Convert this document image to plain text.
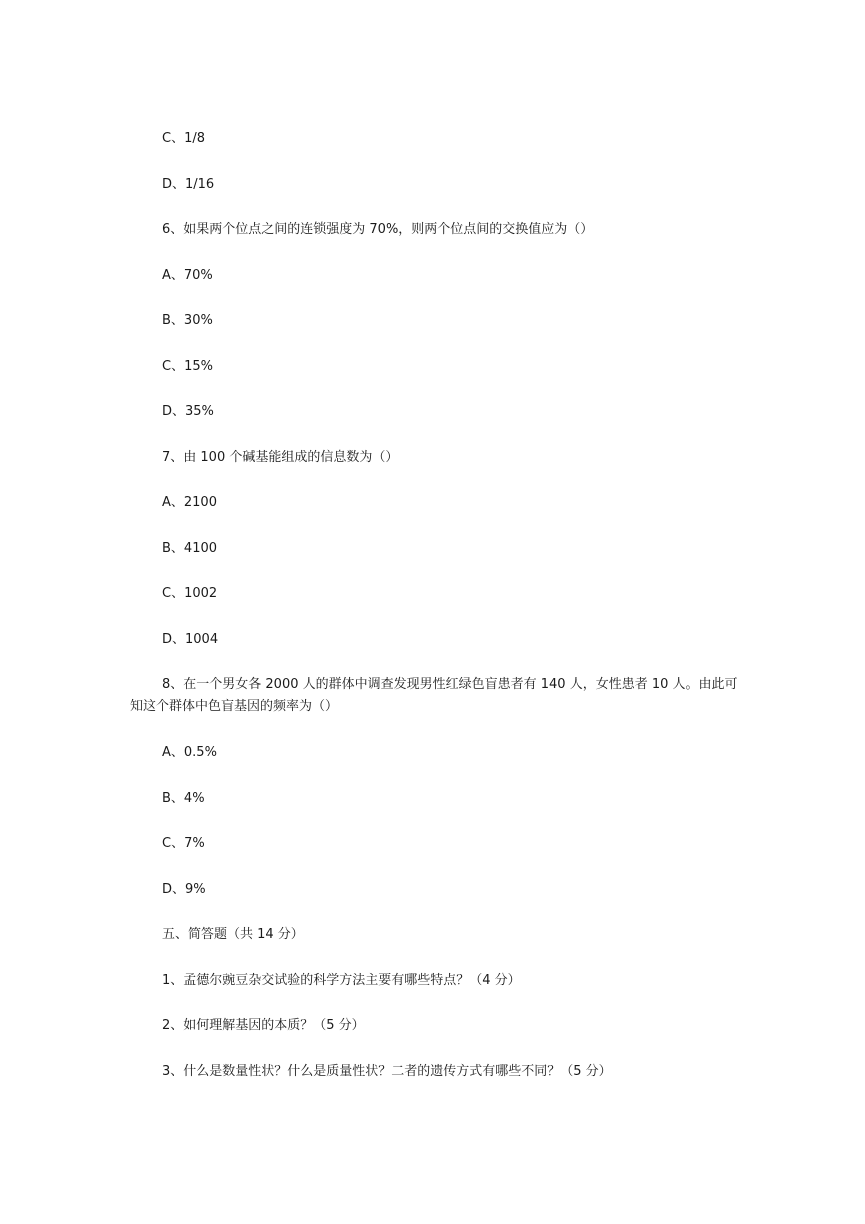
C、1/8

D、1/16

6、如果两个位点之间的连锁强度为 70%，则两个位点间的交换值应为（）

A、70%

B、30%

C、15%

D、35%

7、由 100 个碱基能组成的信息数为（）

A、2100

B、4100

C、1002

D、1004

8、在一个男女各 2000 人的群体中调查发现男性红绿色盲患者有 140 人，女性患者 10 人。由此可知这个群体中色盲基因的频率为（）

A、0.5%

B、4%

C、7%

D、9%

五、简答题（共 14 分）

1、孟德尔豌豆杂交试验的科学方法主要有哪些特点？（4 分）

2、如何理解基因的本质？（5 分）

3、什么是数量性状？什么是质量性状？二者的遗传方式有哪些不同？（5 分）
